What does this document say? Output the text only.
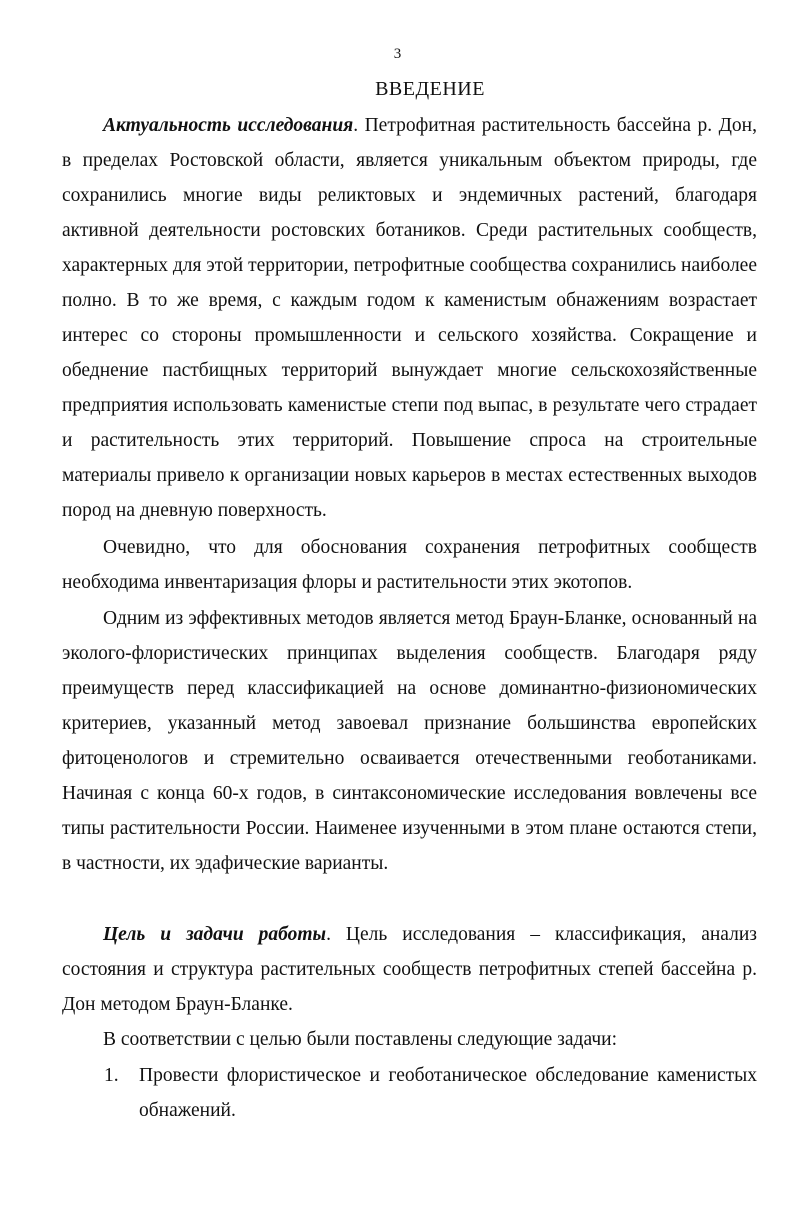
3
ВВЕДЕНИЕ

Актуальность исследования. Петрофитная растительность бассейна р. Дон, в пределах Ростовской области, является уникальным объектом природы, где сохранились многие виды реликтовых и эндемичных растений, благодаря активной деятельности ростовских ботаников. Среди растительных сообществ, характерных для этой территории, петрофитные сообщества сохранились наиболее полно. В то же время, с каждым годом к каменистым обнажениям возрастает интерес со стороны промышленности и сельского хозяйства. Сокращение и обеднение пастбищных территорий вынуждает многие сельскохозяйственные предприятия использовать каменистые степи под выпас, в результате чего страдает и растительность этих территорий. Повышение спроса на строительные материалы привело к организации новых карьеров в местах естественных выходов пород на дневную поверхность.

Очевидно, что для обоснования сохранения петрофитных сообществ необходима инвентаризация флоры и растительности этих экотопов.

Одним из эффективных методов является метод Браун-Бланке, основанный на эколого-флористических принципах выделения сообществ. Благодаря ряду преимуществ перед классификацией на основе доминантно-физиономических критериев, указанный метод завоевал признание большинства европейских фитоценологов и стремительно осваивается отечественными геоботаниками. Начиная с конца 60-х годов, в синтаксономические исследования вовлечены все типы растительности России. Наименее изученными в этом плане остаются степи, в частности, их эдафические варианты.

Цель и задачи работы. Цель исследования – классификация, анализ состояния и структура растительных сообществ петрофитных степей бассейна р. Дон методом Браун-Бланке.

В соответствии с целью были поставлены следующие задачи:

1. Провести флористическое и геоботаническое обследование каменистых обнажений.
